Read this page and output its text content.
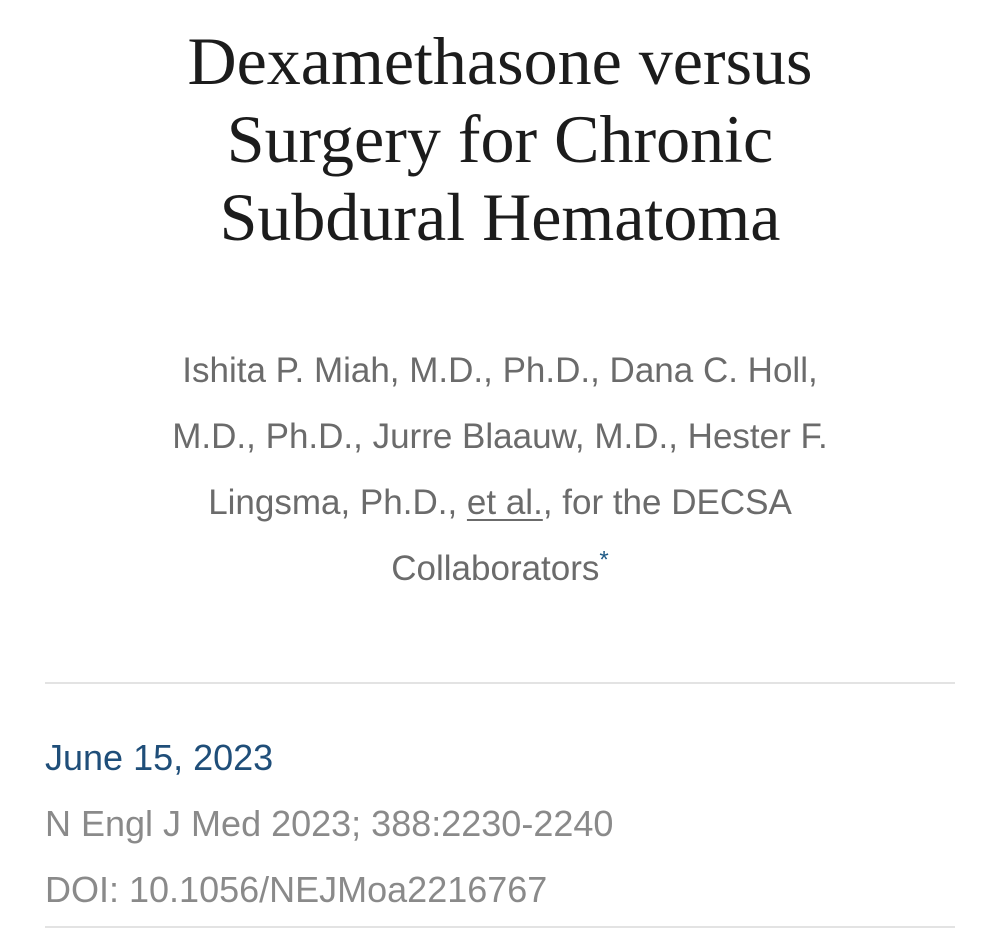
Dexamethasone versus
Surgery for Chronic
Subdural Hematoma

Ishita P. Miah, M.D., Ph.D., Dana C. Holl,
M.D., Ph.D., Jurre Blaauw, M.D., Hester F.
Lingsma, Ph.D., et al., for the DECSA
Collaborators*

June 15, 2023

N Engl J Med 2023; 388:2230-2240

DOI: 10.1056/NEJMoa2216767
